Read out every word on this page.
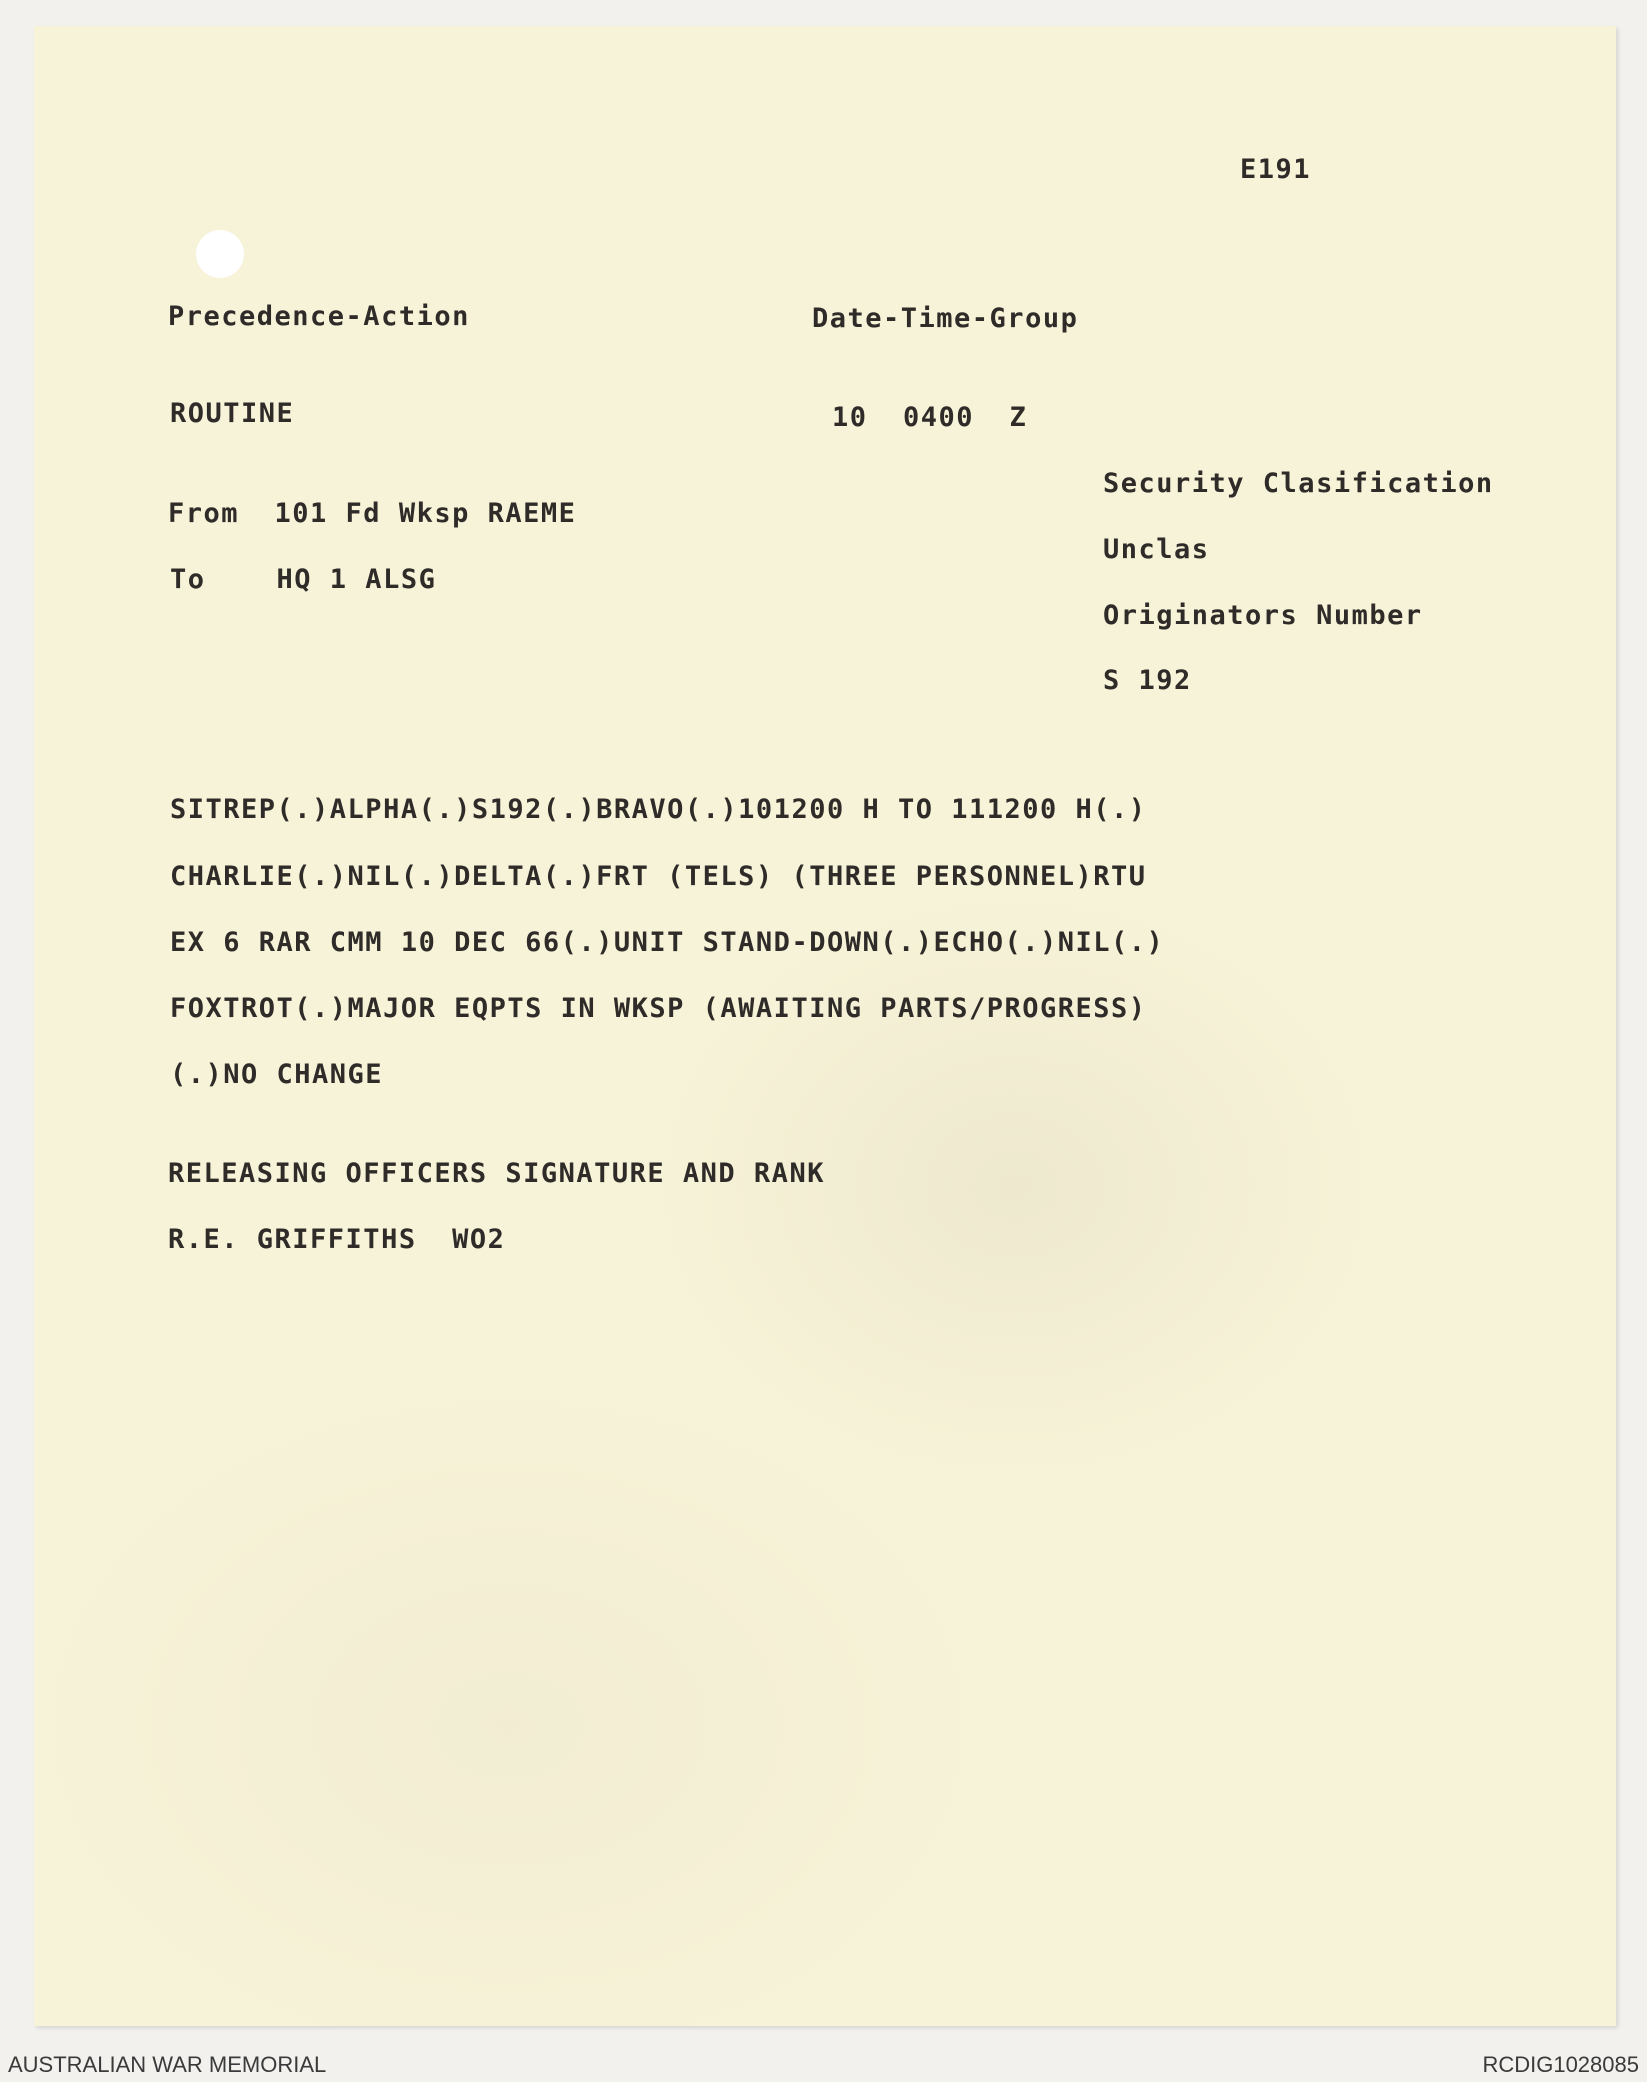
E191
Precedence-Action	Date-Time-Group
ROUTINE	10  0400  Z
Security Clasification
From  101 Fd Wksp RAEME
Unclas
To    HQ 1 ALSG
Originators Number
S 192
SITREP(.)ALPHA(.)S192(.)BRAVO(.)101200 H TO 111200 H(.)
CHARLIE(.)NIL(.)DELTA(.)FRT (TELS) (THREE PERSONNEL)RTU
EX 6 RAR CMM 10 DEC 66(.)UNIT STAND-DOWN(.)ECHO(.)NIL(.)
FOXTROT(.)MAJOR EQPTS IN WKSP (AWAITING PARTS/PROGRESS)
(.)NO CHANGE
RELEASING OFFICERS SIGNATURE AND RANK
R.E. GRIFFITHS  WO2
AUSTRALIAN WAR MEMORIAL	RCDIG1028085
